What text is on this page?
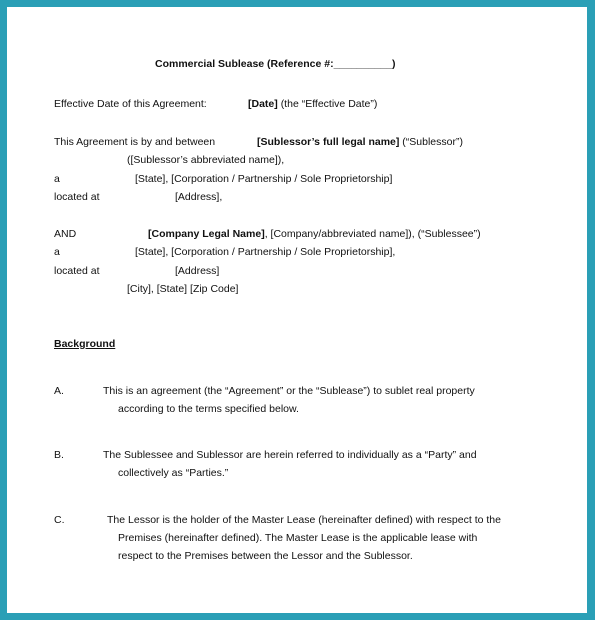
Commercial Sublease (Reference #:__________)
Effective Date of this Agreement:	[Date] (the “Effective Date”)
This Agreement is by and between	[Sublessor’s full legal name] (“Sublessor”)
([Sublessor’s abbreviated name]),
a	[State], [Corporation / Partnership / Sole Proprietorship]
located at	[Address],
AND	[Company Legal Name], [Company/abbreviated name]), (“Sublessee”)
a	[State], [Corporation / Partnership / Sole Proprietorship],
located at	[Address]
[City], [State] [Zip Code]
Background
A.	This is an agreement (the “Agreement” or the “Sublease”) to sublet real property
according to the terms specified below.
B.	The Sublessee and Sublessor are herein referred to individually as a “Party” and
collectively as “Parties.”
C.	The Lessor is the holder of the Master Lease (hereinafter defined) with respect to the
Premises (hereinafter defined). The Master Lease is the applicable lease with
respect to the Premises between the Lessor and the Sublessor.
